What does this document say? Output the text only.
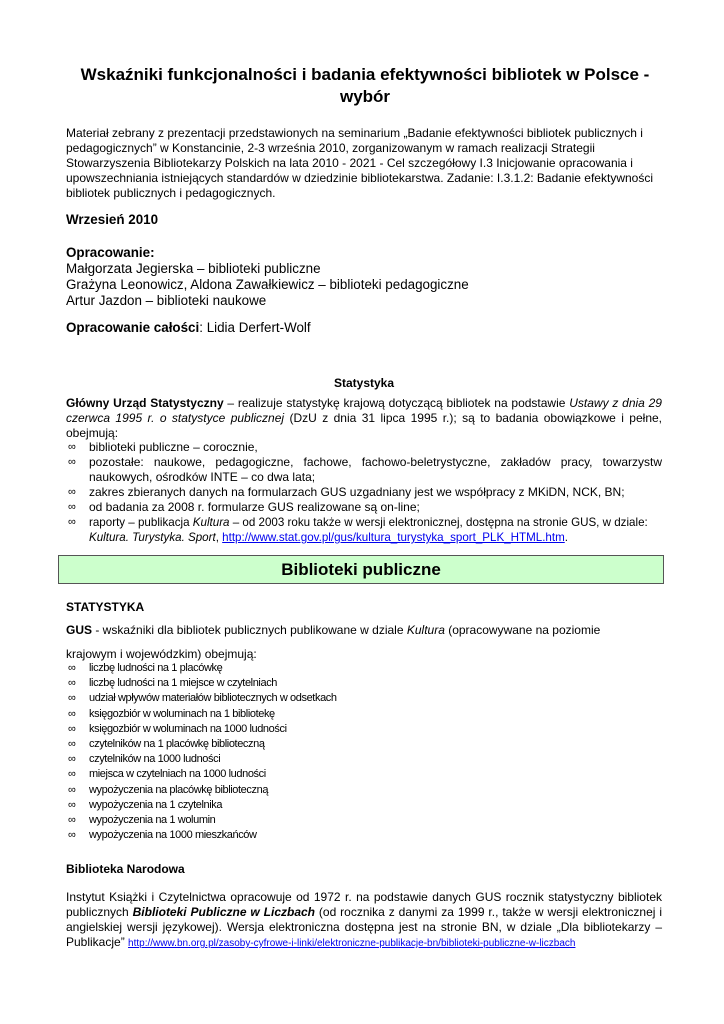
Wskaźniki funkcjonalności i badania efektywności bibliotek w Polsce - wybór
Materiał zebrany z prezentacji przedstawionych na seminarium „Badanie efektywności bibliotek publicznych i pedagogicznych” w Konstancinie, 2-3 września 2010, zorganizowanym w ramach realizacji Strategii Stowarzyszenia Bibliotekarzy Polskich na lata 2010 - 2021 - Cel szczegółowy I.3 Inicjowanie opracowania i upowszechniania istniejących standardów w dziedzinie bibliotekarstwa. Zadanie: I.3.1.2: Badanie efektywności bibliotek publicznych i pedagogicznych.
Wrzesień 2010
Opracowanie:
Małgorzata Jegierska – biblioteki publiczne
Grażyna Leonowicz, Aldona Zawałkiewicz – biblioteki pedagogiczne
Artur Jazdon – biblioteki naukowe
Opracowanie całości: Lidia Derfert-Wolf
Statystyka
Główny Urząd Statystyczny – realizuje statystykę krajową dotyczącą bibliotek na podstawie Ustawy z dnia 29 czerwca 1995 r. o statystyce publicznej (DzU z dnia 31 lipca 1995 r.); są to badania obowiązkowe i pełne, obejmują:
∞ biblioteki publiczne – corocznie,
∞ pozostałe: naukowe, pedagogiczne, fachowe, fachowo-beletrystyczne, zakładów pracy, towarzystw naukowych, ośrodków INTE – co dwa lata;
∞ zakres zbieranych danych na formularzach GUS uzgadniany jest we współpracy z MKiDN, NCK, BN;
∞ od badania za 2008 r. formularze GUS realizowane są on-line;
∞ raporty – publikacja Kultura – od 2003 roku także w wersji elektronicznej, dostępna na stronie GUS, w dziale: Kultura. Turystyka. Sport, http://www.stat.gov.pl/gus/kultura_turystyka_sport_PLK_HTML.htm.
Biblioteki publiczne
STATYSTYKA
GUS - wskaźniki dla bibliotek publicznych publikowane w dziale Kultura (opracowywane na poziomie
krajowym i wojewódzkim) obejmują:
∞ liczbę ludności na 1 placówkę
∞ liczbę ludności na 1 miejsce w czytelniach
∞ udział wpływów materiałów bibliotecznych w odsetkach
∞ księgozbiór w woluminach na 1 bibliotekę
∞ księgozbiór w woluminach na 1000 ludności
∞ czytelników na 1 placówkę biblioteczną
∞ czytelników na 1000 ludności
∞ miejsca w czytelniach na 1000 ludności
∞ wypożyczenia na placówkę biblioteczną
∞ wypożyczenia na 1 czytelnika
∞ wypożyczenia na 1 wolumin
∞ wypożyczenia na 1000 mieszkańców
Biblioteka Narodowa
Instytut Książki i Czytelnictwa opracowuje od 1972 r. na podstawie danych GUS rocznik statystyczny bibliotek publicznych Biblioteki Publiczne w Liczbach (od rocznika z danymi za 1999 r., także w wersji elektronicznej i angielskiej wersji językowej). Wersja elektroniczna dostępna jest na stronie BN, w dziale „Dla bibliotekarzy – Publikacje” http://www.bn.org.pl/zasoby-cyfrowe-i-linki/elektroniczne-publikacje-bn/biblioteki-publiczne-w-liczbach
